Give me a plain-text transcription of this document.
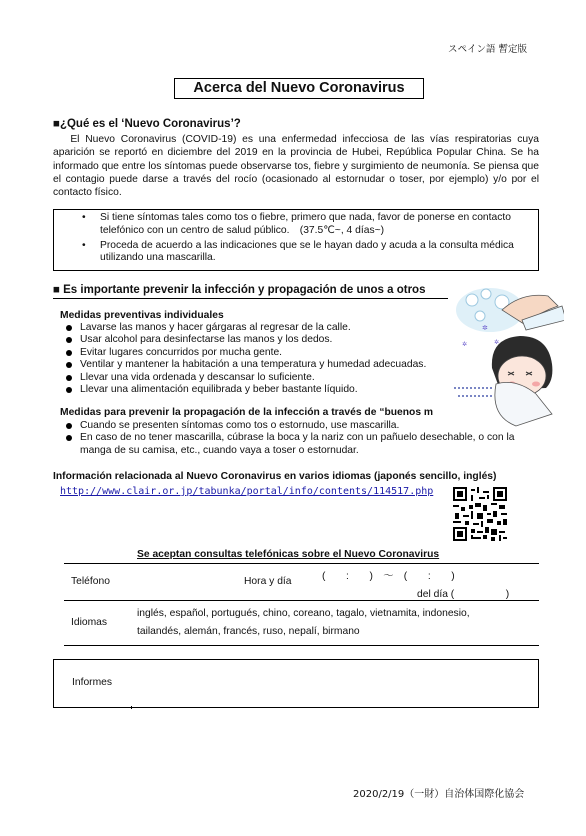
スペイン語 暫定版
Acerca del Nuevo Coronavirus
■¿Qué es el ‘Nuevo Coronavirus’?
El Nuevo Coronavirus (COVID-19) es una enfermedad infecciosa de las vías respiratorias cuya aparición se reportó en diciembre del 2019 en la provincia de Hubei, República Popular China. Se ha informado que entre los síntomas puede observarse tos, fiebre y surgimiento de neumonía. Se piensa que el contagio puede darse a través del rocío (ocasionado al estornudar o toser, por ejemplo) y/o por el contacto físico.
• Si tiene síntomas tales como tos o fiebre, primero que nada, favor de ponerse en contacto telefónico con un centro de salud público.　(37.5℃~, 4 días~)
• Proceda de acuerdo a las indicaciones que se le hayan dado y acuda a la consulta médica utilizando una mascarilla.
■ Es importante prevenir la infección y propagación de unos a otros
Medidas preventivas individuales
Lavarse las manos y hacer gárgaras al regresar de la calle.
Usar alcohol para desinfectarse las manos y los dedos.
Evitar lugares concurridos por mucha gente.
Ventilar y mantener la habitación a una temperatura y humedad adecuadas.
Llevar una vida ordenada y descansar lo suficiente.
Llevar una alimentación equilibrada y beber bastante líquido.
✲
✲	✲
Medidas para prevenir la propagación de la infección a través de “buenos m
Cuando se presenten síntomas como tos o estornudo, use mascarilla.
En caso de no tener mascarilla, cúbrase la boca y la nariz con un pañuelo desechable, o con la manga de su camisa, etc., cuando vaya a toser o estornudar.
Información relacionada al Nuevo Coronavirus en varios idiomas (japonés sencillo, inglés)
http://www.clair.or.jp/tabunka/portal/info/contents/114517.php
Se aceptan consultas telefónicas sobre el Nuevo Coronavirus
Teléfono	Hora y día	(　　:　　)　～　(　　:　　)
del día (　　　　　)
Idiomas
inglés, español, portugués, chino, coreano, tagalo, vietnamita, indonesio,
tailandés, alemán, francés, ruso, nepalí, birmano
Informes
2020/2/19（一財）自治体国際化協会
